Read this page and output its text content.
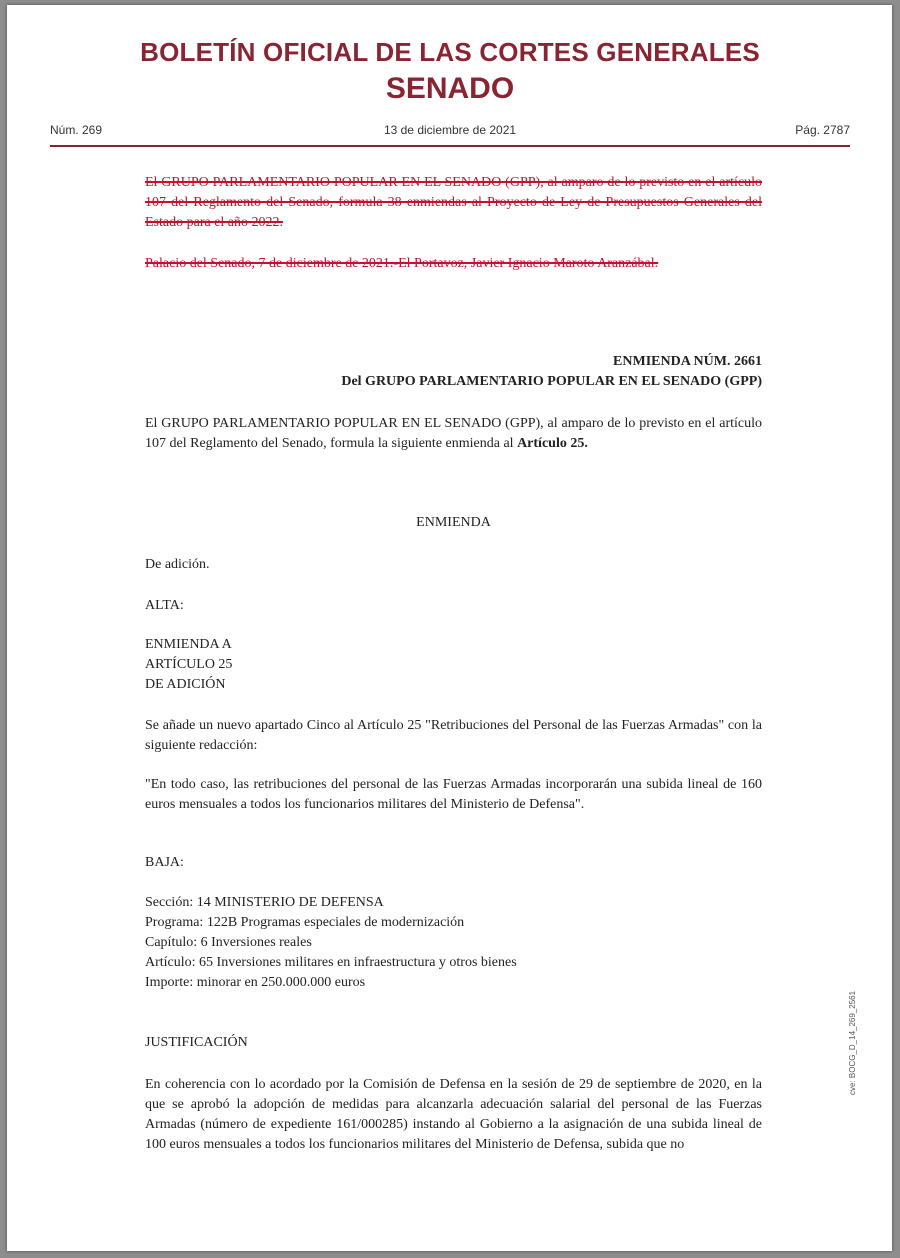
BOLETÍN OFICIAL DE LAS CORTES GENERALES
SENADO
Núm. 269	13 de diciembre de 2021	Pág. 2787

El GRUPO PARLAMENTARIO POPULAR EN EL SENADO (GPP), al amparo de lo previsto en el artículo 107 del Reglamento del Senado, formula 38 enmiendas al Proyecto de Ley de Presupuestos Generales del Estado para el año 2022.

Palacio del Senado, 7 de diciembre de 2021.-El Portavoz, Javier Ignacio Maroto Aranzábal.

ENMIENDA NÚM. 2661
Del GRUPO PARLAMENTARIO POPULAR EN EL SENADO (GPP)

El GRUPO PARLAMENTARIO POPULAR EN EL SENADO (GPP), al amparo de lo previsto en el artículo 107 del Reglamento del Senado, formula la siguiente enmienda al Artículo 25.

ENMIENDA

De adición.

ALTA:

ENMIENDA A
ARTÍCULO 25
DE ADICIÓN

Se añade un nuevo apartado Cinco al Artículo 25 "Retribuciones del Personal de las Fuerzas Armadas" con la siguiente redacción:

"En todo caso, las retribuciones del personal de las Fuerzas Armadas incorporarán una subida lineal de 160 euros mensuales a todos los funcionarios militares del Ministerio de Defensa".

BAJA:

Sección: 14 MINISTERIO DE DEFENSA
Programa: 122B Programas especiales de modernización
Capítulo: 6 Inversiones reales
Artículo: 65 Inversiones militares en infraestructura y otros bienes
Importe: minorar en 250.000.000 euros

JUSTIFICACIÓN

En coherencia con lo acordado por la Comisión de Defensa en la sesión de 29 de septiembre de 2020, en la que se aprobó la adopción de medidas para alcanzarla adecuación salarial del personal de las Fuerzas Armadas (número de expediente 161/000285) instando al Gobierno a la asignación de una subida lineal de 100 euros mensuales a todos los funcionarios militares del Ministerio de Defensa, subida que no

cve: BOCG_D_14_269_2561
